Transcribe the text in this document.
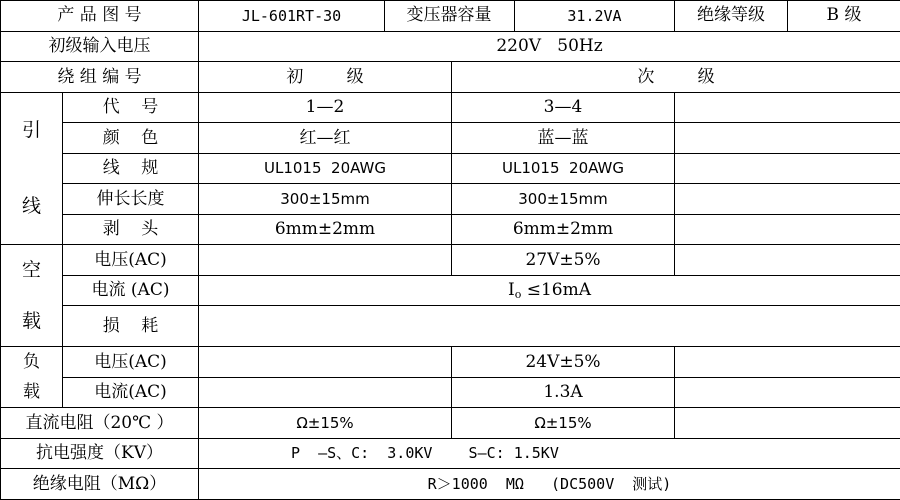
产 品 图 号		JL-601RT-30	变压器容量		31.2VA	绝缘等级 B 级

初级输入电压		220V   50Hz				
绕 组 编 号		初        级		次        级		

引
线	代    号	1—2		3—4		
	颜    色	红—红		蓝—蓝		
	线    规	UL1015  20AWG		UL1015  20AWG		
	伸长长度	300±15mm		300±15mm		
	剥    头	6mm±2mm		6mm±2mm		

空
载	电压(AC)			27V±5%		
	电流 (AC)	$I_o \le 16mA$				
	损    耗					

负
载	电压(AC)			24V±5%		
	电流(AC)			1.3A		
直流电阻（20℃ ）		Ω±15%		Ω±15%		
抗电强度（KV）		P  —S、C:  3.0KV    S—C: 1.5KV				
绝缘电阻（MΩ）		R＞1000  MΩ   (DC500V  测试)				
